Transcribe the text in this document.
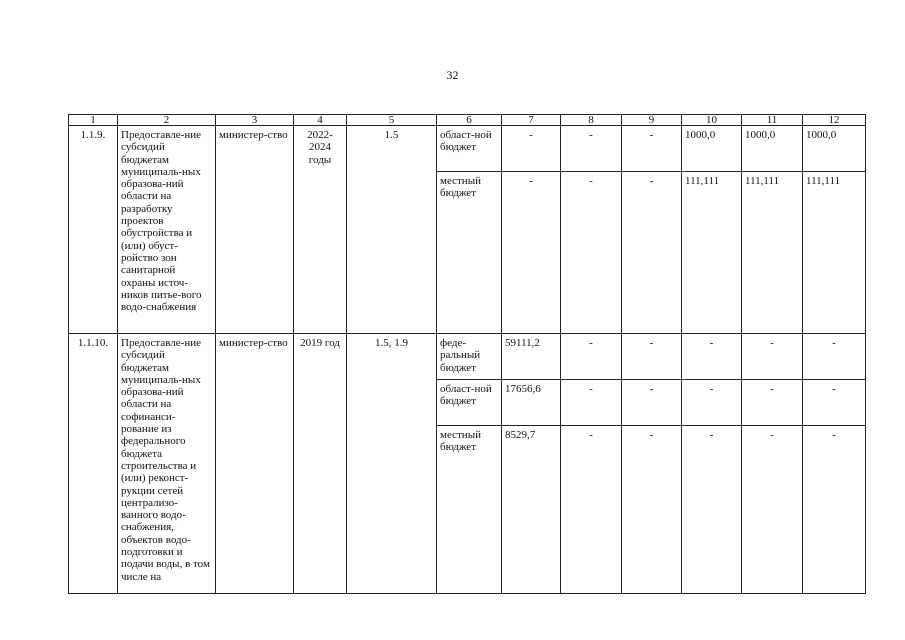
32
1	2	3	4	5	6	7	8	9	10	11	12
1.1.9.	Предоставле-ние субсидий бюджетам муниципаль-ных образова-ний области на разработку проектов обустройства и (или) обуст-ройство зон санитарной охраны источ-ников питье-вого водо-снабжения	министер-ство	2022-2024 годы	1.5	област-ной бюджет	-	-	-	1000,0	1000,0	1000,0
					местный бюджет	-	-	-	111,111	111,111	111,111
1.1.10.	Предоставле-ние субсидий бюджетам муниципаль-ных образова-ний области на софинанси-рование из федерального бюджета строительства и (или) реконст-рукции сетей централизо-ванного водо-снабжения, объектов водо-подготовки и подачи воды, в том числе на	министер-ство	2019 год	1.5, 1.9	феде-ральный бюджет	59111,2	-	-	-	-	-
					област-ной бюджет	17656,6	-	-	-	-	-
					местный бюджет	8529,7	-	-	-	-	-
